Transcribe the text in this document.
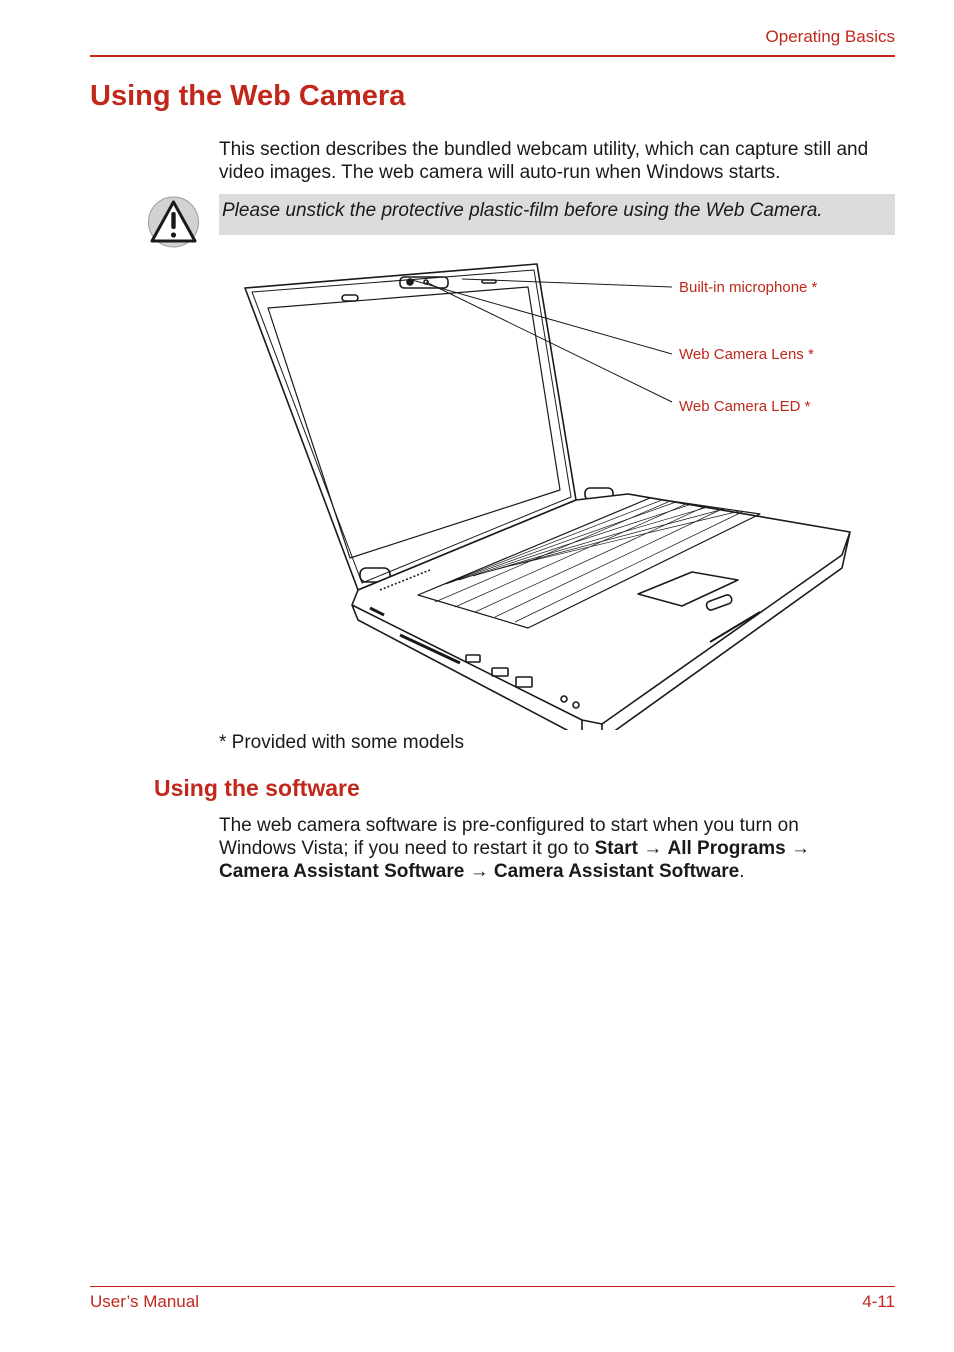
Operating Basics
Using the Web Camera

This section describes the bundled webcam utility, which can capture still and video images. The web camera will auto-run when Windows starts.

Please unstick the protective plastic-film before using the Web Camera.
Built-in microphone *
Web Camera Lens *
Web Camera LED *

* Provided with some models

Using the software

The web camera software is pre-configured to start when you turn on Windows Vista; if you need to restart it go to Start → All Programs → Camera Assistant Software → Camera Assistant Software.

User’s Manual	4-11
